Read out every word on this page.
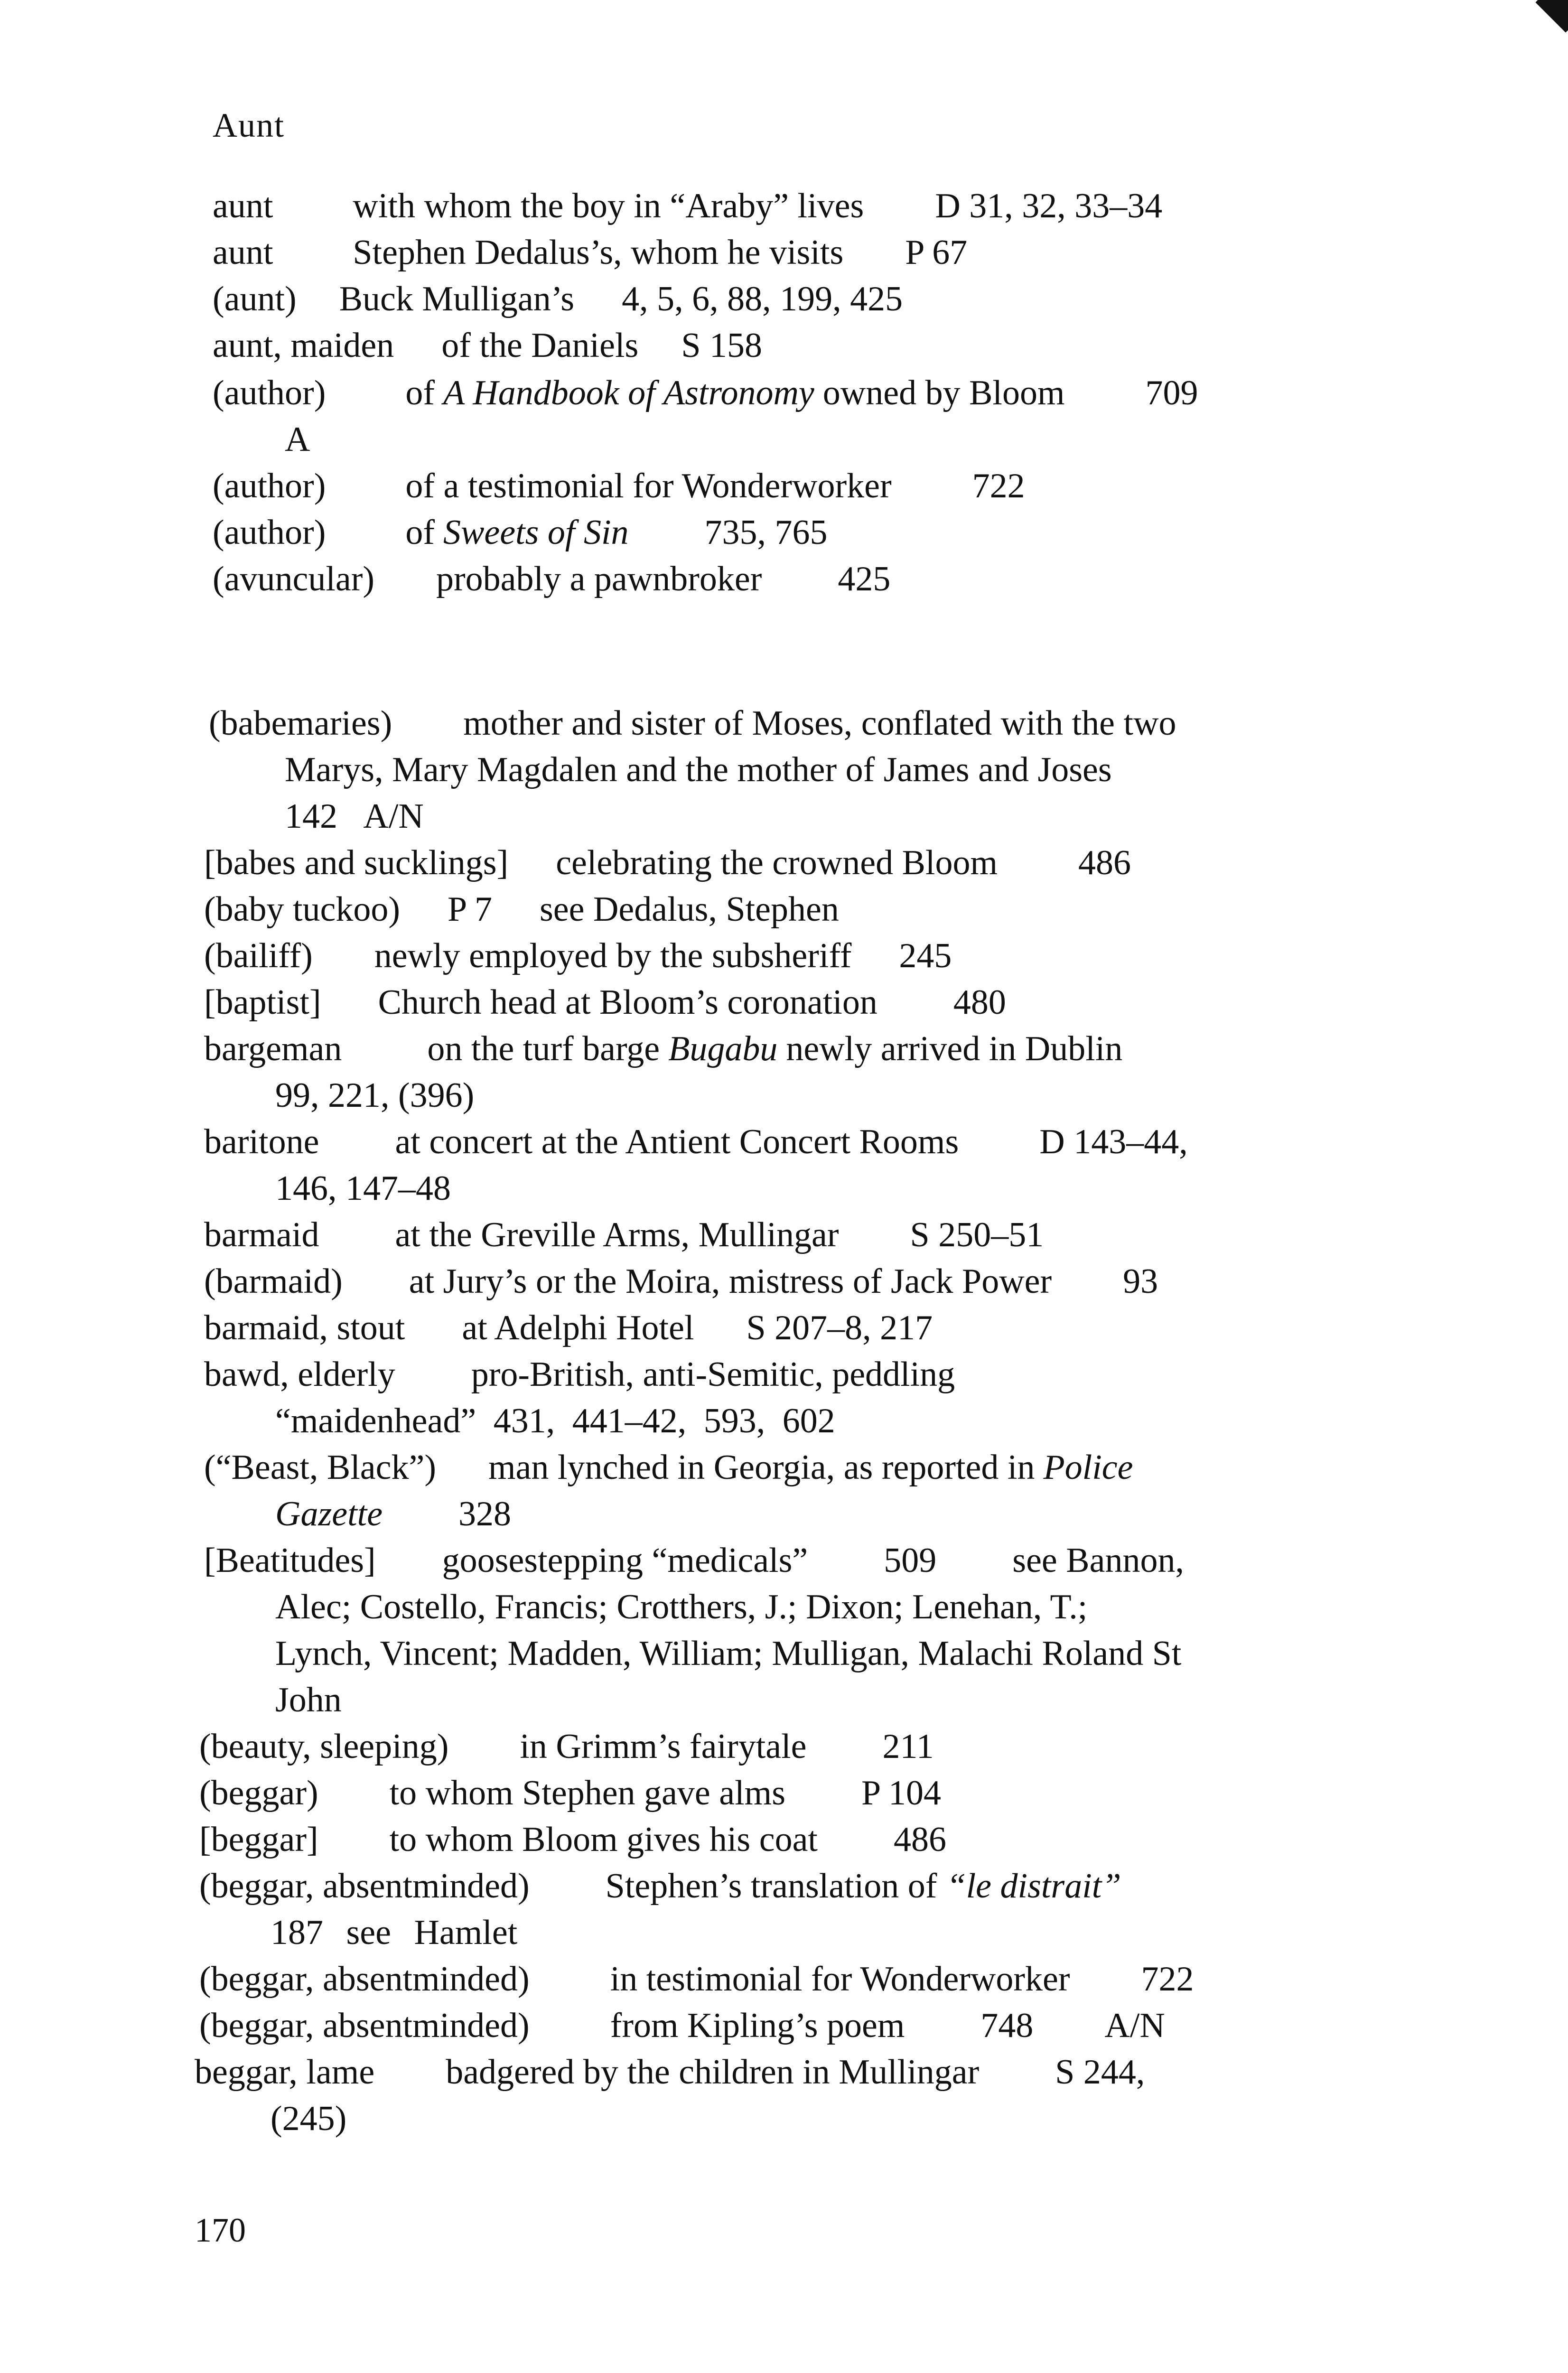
Aunt
aunt with whom the boy in “Araby” lives D 31, 32, 33–34
aunt Stephen Dedalus’s, whom he visits P 67
(aunt) Buck Mulligan’s 4, 5, 6, 88, 199, 425
aunt, maiden of the Daniels S 158
(author) ofA Handbook of Astronomyowned by Bloom 709
A
(author) of a testimonial for Wonderworker 722
(author) ofSweets of Sin 735, 765
(avuncular) probably a pawnbroker 425
(babemaries) mother and sister of Moses, conflated with the two
Marys, Mary Magdalen and the mother of James and Joses
142 A/N
[babes and sucklings] celebrating the crowned Bloom 486
(baby tuckoo) P 7 see Dedalus, Stephen
(bailiff) newly employed by the subsheriff 245
[baptist] Church head at Bloom’s coronation 480
bargeman on the turf bargeBugabunewly arrived in Dublin
99, 221, (396)
baritone at concert at the Antient Concert Rooms D 143–44,
146, 147–48
barmaid at the Greville Arms, Mullingar S 250–51
(barmaid) at Jury’s or the Moira, mistress of Jack Power 93
barmaid, stout at Adelphi Hotel S 207–8, 217
bawd, elderly pro-British, anti-Semitic, peddling
“maidenhead” 431, 441–42, 593, 602
(“Beast, Black”) man lynched in Georgia, as reported inPolice
Gazette 328
[Beatitudes] goosestepping “medicals” 509 see Bannon,
Alec; Costello, Francis; Crotthers, J.; Dixon; Lenehan, T.;
Lynch, Vincent; Madden, William; Mulligan, Malachi Roland St
John
(beauty, sleeping) in Grimm’s fairytale 211
(beggar) to whom Stephen gave alms P 104
[beggar] to whom Bloom gives his coat 486
(beggar, absentminded) Stephen’s translation of “le distrait”
187 see Hamlet
(beggar, absentminded) in testimonial for Wonderworker 722
(beggar, absentminded) from Kipling’s poem 748 A/N
beggar, lame badgered by the children in Mullingar S 244,
(245)
170
